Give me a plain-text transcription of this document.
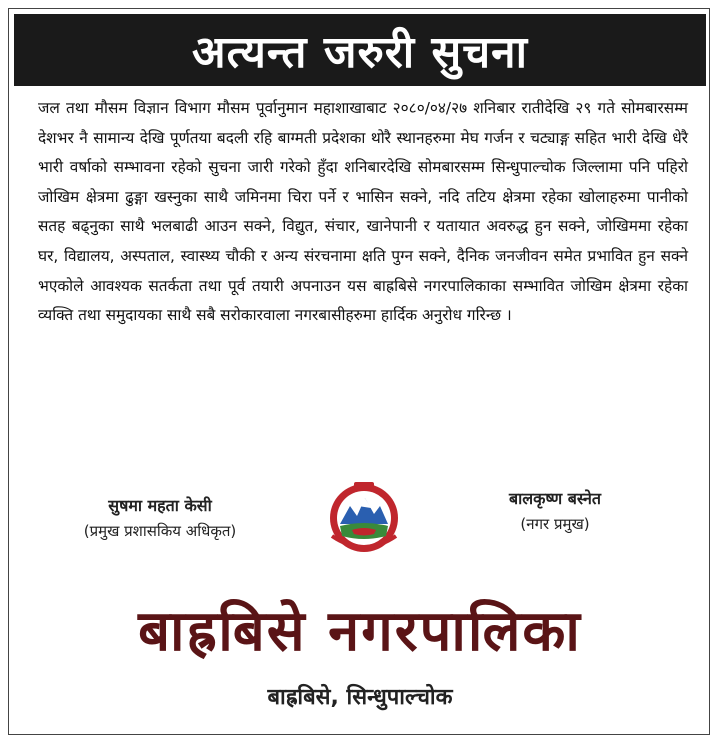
अत्यन्त जरुरी सुचना
जल तथा मौसम विज्ञान विभाग मौसम पूर्वानुमान महाशाखाबाट २०८०/०४/२७ शनिबार रातीदेखि २९ गते सोमबारसम्म देशभर नै सामान्य देखि पूर्णतया बदली रहि बाग्मती प्रदेशका थोरै स्थानहरुमा मेघ गर्जन र चट्याङ्ग सहित भारी देखि धेरै भारी वर्षाको सम्भावना रहेको सुचना जारी गरेको हुँदा शनिबारदेखि सोमबारसम्म सिन्धुपाल्चोक जिल्लामा पनि पहिरो जोखिम क्षेत्रमा ढुङ्गा खस्नुका साथै जमिनमा चिरा पर्ने र भासिन सक्ने, नदि तटिय क्षेत्रमा रहेका खोलाहरुमा पानीको सतह बढ्नुका साथै भलबाढी आउन सक्ने, विद्युत, संचार, खानेपानी र यतायात अवरुद्ध हुन सक्ने, जोखिममा रहेका घर, विद्यालय, अस्पताल, स्वास्थ्य चौकी र अन्य संरचनामा क्षति पुग्न सक्ने, दैनिक जनजीवन समेत प्रभावित हुन सक्ने भएकोले आवश्यक सतर्कता तथा पूर्व तयारी अपनाउन यस बाह्रबिसे नगरपालिकाका सम्भावित जोखिम क्षेत्रमा रहेका व्यक्ति तथा समुदायका साथै सबै सरोकारवाला नगरबासीहरुमा हार्दिक अनुरोध गरिन्छ ।
सुषमा महता केसी
(प्रमुख प्रशासकिय अधिकृत)
बालकृष्ण बस्नेत
(नगर प्रमुख)
बाह्रबिसे नगरपालिका
बाह्रबिसे, सिन्धुपाल्चोक
